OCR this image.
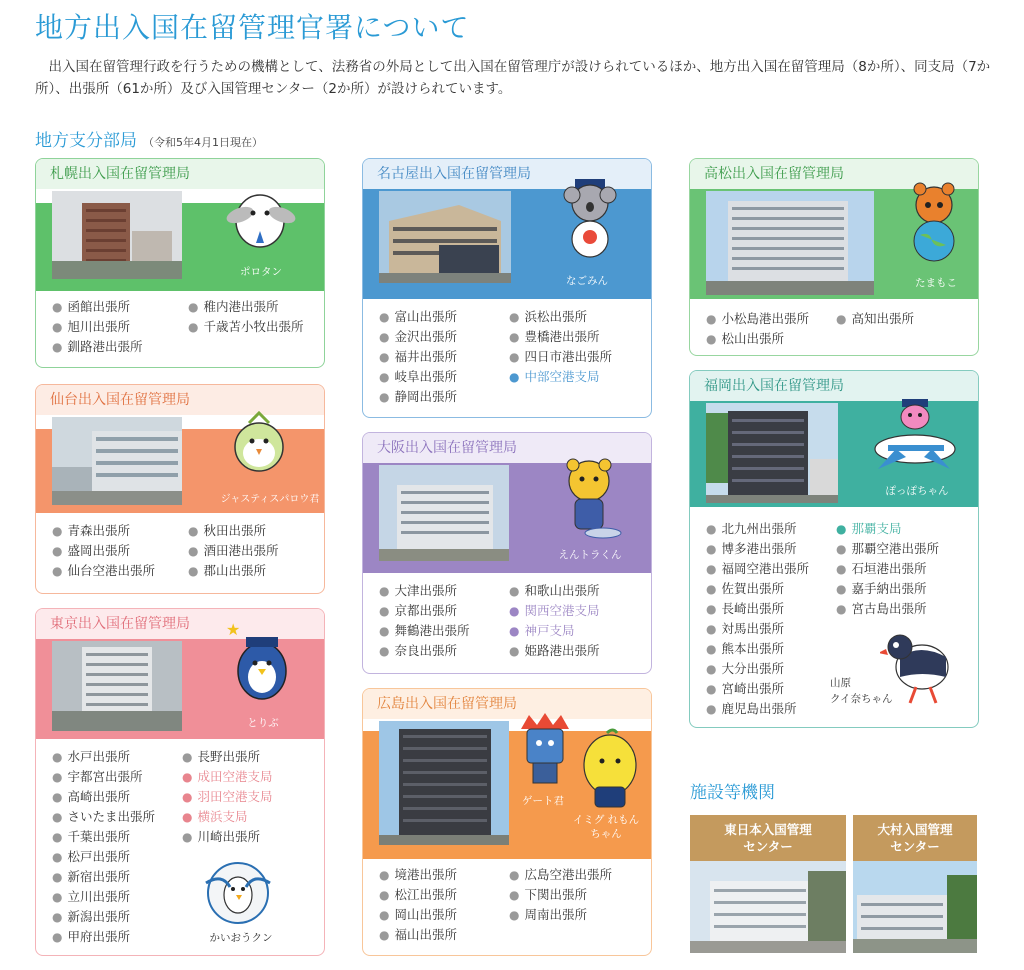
地方出入国在留管理官署について

出入国在留管理行政を行うための機構として、法務省の外局として出入国在留管理庁が設けられているほか、地方出入国在留管理局（8か所）、同支局（7か所）、出張所（61か所）及び入国管理センター（2か所）が設けられています。

地方支分部局 （令和5年4月1日現在）
札幌出入国在留管理局
ポロタン
● 函館出張所
● 旭川出張所
● 釧路港出張所
● 稚内港出張所
● 千歳苫小牧出張所
仙台出入国在留管理局
ジャスティスパロウ君
● 青森出張所
● 盛岡出張所
● 仙台空港出張所
● 秋田出張所
● 酒田港出張所
● 郡山出張所
東京出入国在留管理局	★
とりぶ
● 水戸出張所
● 宇都宮出張所
● 高崎出張所
● さいたま出張所
● 千葉出張所
● 松戸出張所
● 新宿出張所
● 立川出張所
● 新潟出張所
● 甲府出張所
● 長野出張所
● 成田空港支局
● 羽田空港支局
● 横浜支局
● 川崎出張所
かいおうクン
名古屋出入国在留管理局
なごみん
● 富山出張所
● 金沢出張所
● 福井出張所
● 岐阜出張所
● 静岡出張所
● 浜松出張所
● 豊橋港出張所
● 四日市港出張所
● 中部空港支局
大阪出入国在留管理局
えんトラくん
● 大津出張所
● 京都出張所
● 舞鶴港出張所
● 奈良出張所
● 和歌山出張所
● 関西空港支局
● 神戸支局
● 姫路港出張所
広島出入国在留管理局
ゲート君
イミグ れもんちゃん
● 境港出張所
● 松江出張所
● 岡山出張所
● 福山出張所
● 広島空港出張所
● 下関出張所
● 周南出張所
高松出入国在留管理局
たまもこ
● 小松島港出張所
● 松山出張所
● 高知出張所
福岡出入国在留管理局
ぽっぽちゃん
● 北九州出張所
● 博多港出張所
● 福岡空港出張所
● 佐賀出張所
● 長崎出張所
● 対馬出張所
● 熊本出張所
● 大分出張所
● 宮崎出張所
● 鹿児島出張所
● 那覇支局
● 那覇空港出張所
● 石垣港出張所
● 嘉手納出張所
● 宮古島出張所
山原
クイ奈ちゃん
施設等機関
東日本入国管理
センター
大村入国管理
センター
